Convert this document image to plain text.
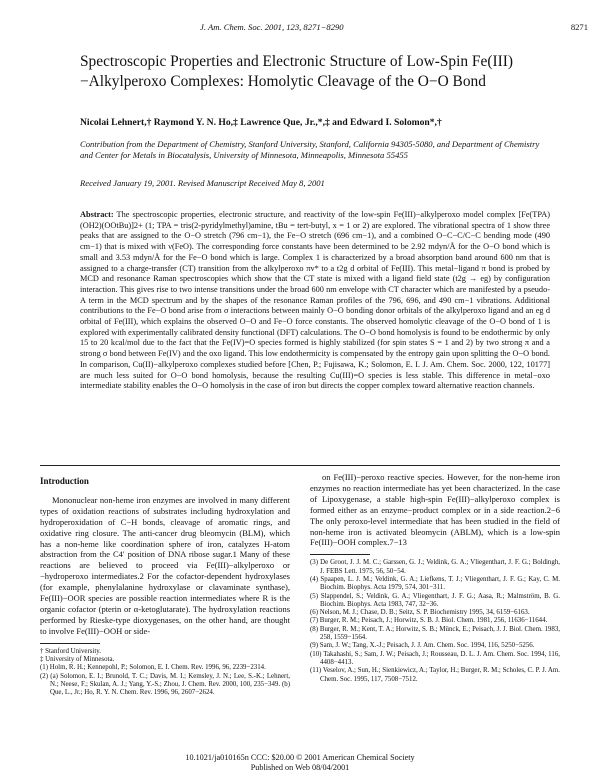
J. Am. Chem. Soc. 2001, 123, 8271−8290	8271
Spectroscopic Properties and Electronic Structure of Low-Spin Fe(III)−Alkylperoxo Complexes: Homolytic Cleavage of the O−O Bond
Nicolai Lehnert,† Raymond Y. N. Ho,‡ Lawrence Que, Jr.,*,‡ and Edward I. Solomon*,†
Contribution from the Department of Chemistry, Stanford University, Stanford, California 94305-5080, and Department of Chemistry and Center for Metals in Biocatalysis, University of Minnesota, Minneapolis, Minnesota 55455
Received January 19, 2001. Revised Manuscript Received May 8, 2001
Abstract: The spectroscopic properties, electronic structure, and reactivity of the low-spin Fe(III)−alkylperoxo model complex [Fe(TPA)(OH2)(OOtBu)]2+ (1; TPA = tris(2-pyridylmethyl)amine, tBu = tert-butyl, x = 1 or 2) are explored. The vibrational spectra of 1 show three peaks that are assigned to the O−O stretch (796 cm−1), the Fe−O stretch (696 cm−1), and a combined O−C−C/C−C bending mode (490 cm−1) that is mixed with ν(FeO). The corresponding force constants have been determined to be 2.92 mdyn/Å for the O−O bond which is small and 3.53 mdyn/Å for the Fe−O bond which is large. Complex 1 is characterized by a broad absorption band around 600 nm that is assigned to a charge-transfer (CT) transition from the alkylperoxo πv* to a t2g d orbital of Fe(III). This metal−ligand π bond is probed by MCD and resonance Raman spectroscopies which show that the CT state is mixed with a ligand field state (t2g → eg) by configuration interaction. This gives rise to two intense transitions under the broad 600 nm envelope with CT character which are manifested by a pseudo-A term in the MCD spectrum and by the shapes of the resonance Raman profiles of the 796, 696, and 490 cm−1 vibrations. Additional contributions to the Fe−O bond arise from σ interactions between mainly O−O bonding donor orbitals of the alkylperoxo ligand and an eg d orbital of Fe(III), which explains the observed O−O and Fe−O force constants. The observed homolytic cleavage of the O−O bond of 1 is explored with experimentally calibrated density functional (DFT) calculations. The O−O bond homolysis is found to be endothermic by only 15 to 20 kcal/mol due to the fact that the Fe(IV)=O species formed is highly stabilized (for spin states S = 1 and 2) by two strong π and a strong σ bond between Fe(IV) and the oxo ligand. This low endothermicity is compensated by the entropy gain upon splitting the O−O bond. In comparison, Cu(II)−alkylperoxo complexes studied before [Chen, P.; Fujisawa, K.; Solomon, E. I. J. Am. Chem. Soc. 2000, 122, 10177] are much less suited for O−O bond homolysis, because the resulting Cu(III)=O species is less stable. This difference in metal−oxo intermediate stability enables the O−O homolysis in the case of iron but directs the copper complex toward alternative reaction channels.
Introduction

Mononuclear non-heme iron enzymes are involved in many different types of oxidation reactions of substrates including hydroxylation and hydroperoxidation of C−H bonds, cleavage of aromatic rings, and oxidative ring closure. The anti-cancer drug bleomycin (BLM), which has a non-heme like coordination sphere of iron, catalyzes H-atom abstraction from the C4′ position of DNA ribose sugar.1 Many of these reactions are believed to proceed via Fe(III)−alkylperoxo or −hydroperoxo intermediates.2 For the cofactor-dependent hydroxylases (for example, phenylalanine hydroxylase or clavaminate synthase), Fe(III)−OOR species are possible reaction intermediates where R is the organic cofactor (pterin or α-ketoglutarate). The hydroxylation reactions performed by Rieske-type dioxygenases, on the other hand, are thought to involve Fe(III)−OOH or side-

† Stanford University.

‡ University of Minnesota.

(1) Holm, R. H.; Kennepohl, P.; Solomon, E. I. Chem. Rev. 1996, 96, 2239−2314.

(2) (a) Solomon, E. I.; Brunold, T. C.; Davis, M. I.; Kemsley, J. N.; Lee, S.-K.; Lehnert, N.; Neese, F.; Skulan, A. J.; Yang, Y.-S.; Zhou, J. Chem. Rev. 2000, 100, 235−349. (b) Que, L., Jr.; Ho, R. Y. N. Chem. Rev. 1996, 96, 2607−2624.

on Fe(III)−peroxo reactive species. However, for the non-heme iron enzymes no reaction intermediate has yet been characterized. In the case of Lipoxygenase, a stable high-spin Fe(III)−alkylperoxo complex is formed either as an enzyme−product complex or in a side reaction.2−6 The only peroxo-level intermediate that has been studied in the field of non-heme iron is activated bleomycin (ABLM), which is a low-spin Fe(III)−OOH complex.7−13

(3) De Groot, J. J. M. C.; Garssen, G. J.; Veldink, G. A.; Vliegenthart, J. F. G.; Boldingh, J. FEBS Lett. 1975, 56, 50−54.

(4) Spaapen, L. J. M.; Veldink, G. A.; Liefkens, T. J.; Vliegenthart, J. F. G.; Kay, C. M. Biochim. Biophys. Acta 1979, 574, 301−311.

(5) Slappendel, S.; Veldink, G. A.; Vliegenthart, J. F. G.; Aasa, R.; Malmström, B. G. Biochim. Biophys. Acta 1983, 747, 32−36.

(6) Nelson, M. J.; Chase, D. B.; Seitz, S. P. Biochemistry 1995, 34, 6159−6163.

(7) Burger, R. M.; Peisach, J.; Horwitz, S. B. J. Biol. Chem. 1981, 256, 11636−11644.

(8) Burger, R. M.; Kent, T. A.; Horwitz, S. B.; Münck, E.; Peisach, J. J. Biol. Chem. 1983, 258, 1559−1564.

(9) Sam, J. W.; Tang, X.-J.; Peisach, J. J. Am. Chem. Soc. 1994, 116, 5250−5256.

(10) Takahashi, S.; Sam, J. W.; Peisach, J.; Rousseau, D. L. J. Am. Chem. Soc. 1994, 116, 4408−4413.

(11) Veselov, A.; Sun, H.; Sienkiewicz, A.; Taylor, H.; Burger, R. M.; Scholes, C. P. J. Am. Chem. Soc. 1995, 117, 7508−7512.

10.1021/ja010165n CCC: $20.00 © 2001 American Chemical Society
Published on Web 08/04/2001
